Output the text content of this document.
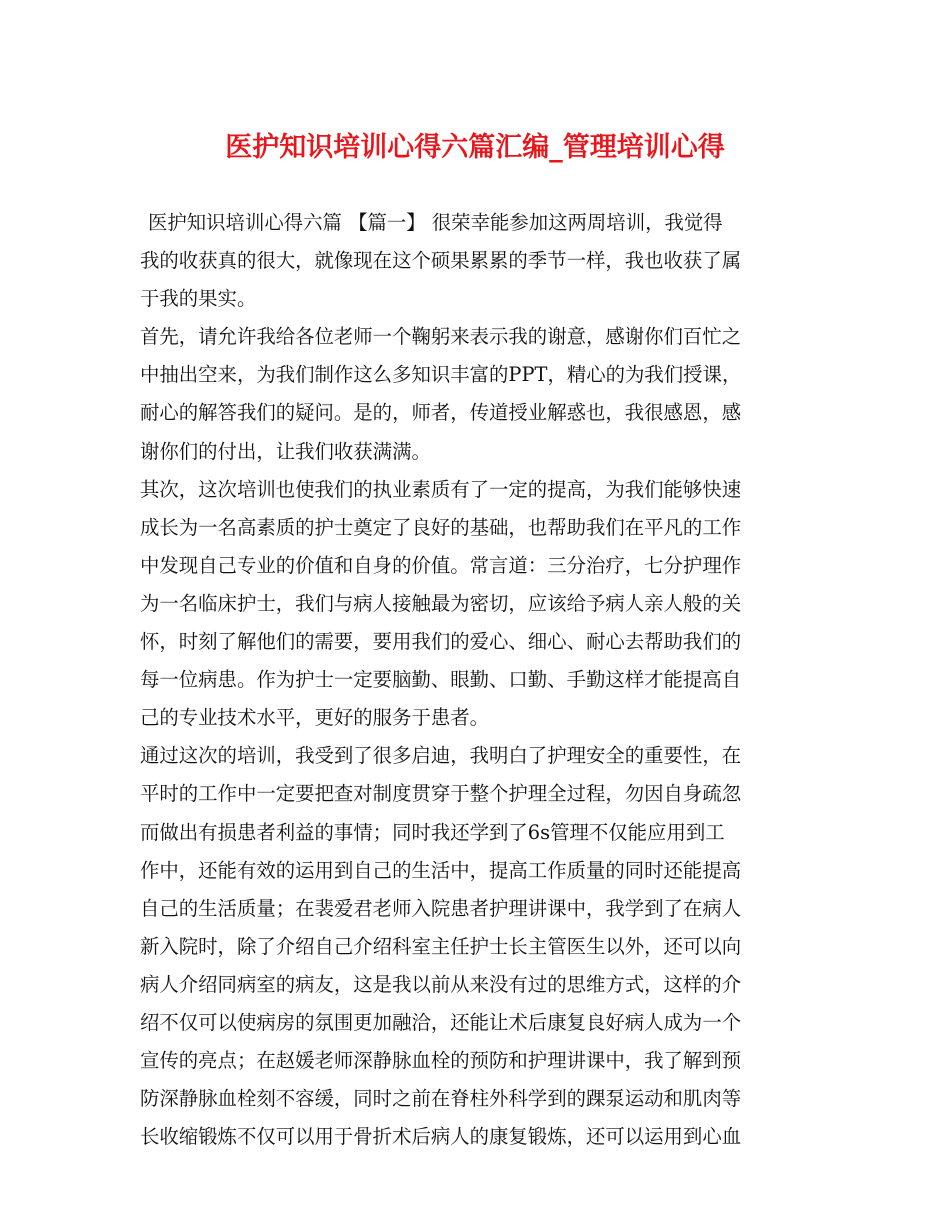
医护知识培训心得六篇汇编_管理培训心得
医护知识培训心得六篇 【篇一】 很荣幸能参加这两周培训，我觉得
我的收获真的很大，就像现在这个硕果累累的季节一样，我也收获了属
于我的果实。
首先，请允许我给各位老师一个鞠躬来表示我的谢意，感谢你们百忙之
中抽出空来，为我们制作这么多知识丰富的PPT，精心的为我们授课，
耐心的解答我们的疑问。是的，师者，传道授业解惑也，我很感恩，感
谢你们的付出，让我们收获满满。
其次，这次培训也使我们的执业素质有了一定的提高，为我们能够快速
成长为一名高素质的护士奠定了良好的基础，也帮助我们在平凡的工作
中发现自己专业的价值和自身的价值。常言道：三分治疗，七分护理作
为一名临床护士，我们与病人接触最为密切，应该给予病人亲人般的关
怀，时刻了解他们的需要，要用我们的爱心、细心、耐心去帮助我们的
每一位病患。作为护士一定要脑勤、眼勤、口勤、手勤这样才能提高自
己的专业技术水平，更好的服务于患者。
通过这次的培训，我受到了很多启迪，我明白了护理安全的重要性，在
平时的工作中一定要把查对制度贯穿于整个护理全过程，勿因自身疏忽
而做出有损患者利益的事情；同时我还学到了6s管理不仅能应用到工
作中，还能有效的运用到自己的生活中，提高工作质量的同时还能提高
自己的生活质量；在裴爱君老师入院患者护理讲课中，我学到了在病人
新入院时，除了介绍自己介绍科室主任护士长主管医生以外，还可以向
病人介绍同病室的病友，这是我以前从来没有过的思维方式，这样的介
绍不仅可以使病房的氛围更加融洽，还能让术后康复良好病人成为一个
宣传的亮点；在赵媛老师深静脉血栓的预防和护理讲课中，我了解到预
防深静脉血栓刻不容缓，同时之前在脊柱外科学到的踝泵运动和肌肉等
长收缩锻炼不仅可以用于骨折术后病人的康复锻炼，还可以运用到心血
